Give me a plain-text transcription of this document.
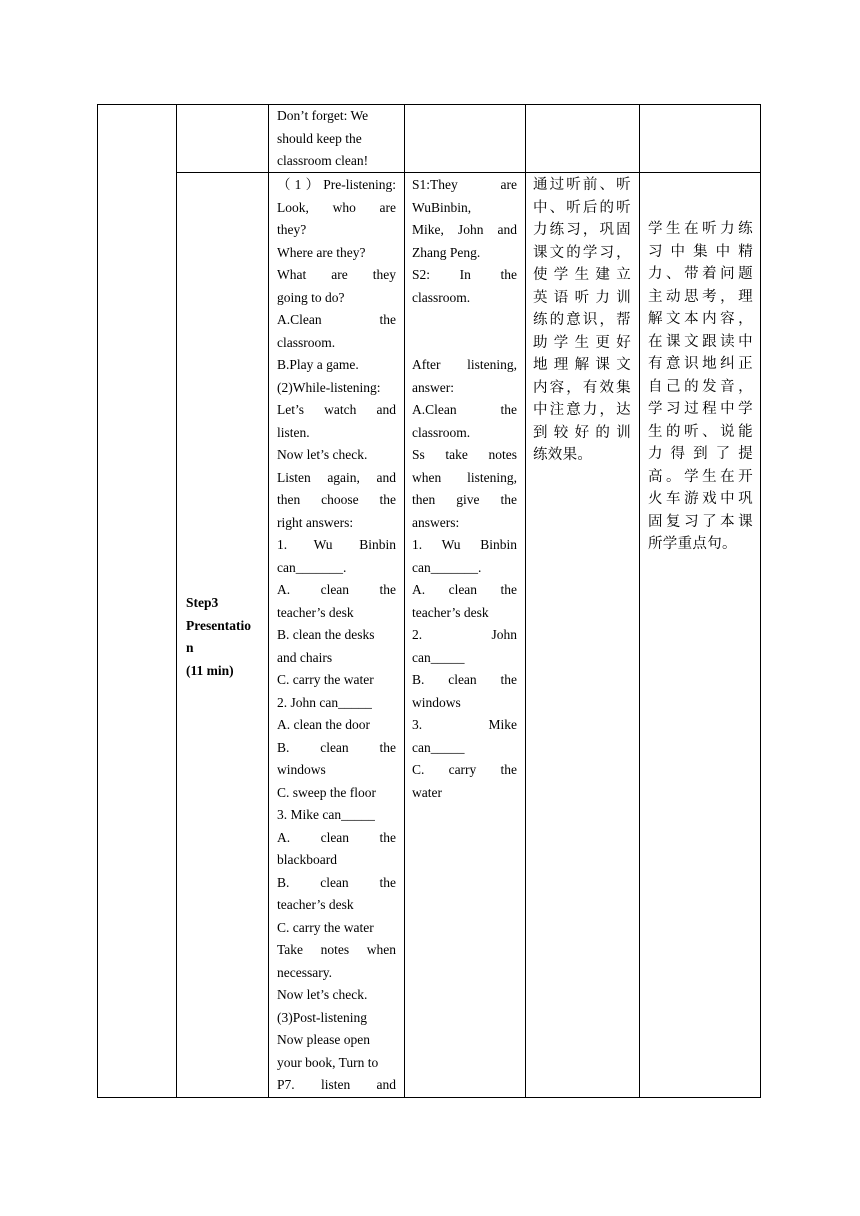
Don’t forget: We
should keep the
classroom clean!
Step3
Presentatio
n
(11 min)
（1）Pre-listening:
Look, who are
they?
Where are they?
What are they
going to do?
A.Clean the
classroom.
B.Play a game.
(2)While-listening:
Let’s watch and
listen.
Now let’s check.
Listen again, and
then choose the
right answers:
1. Wu Binbin
can_______.
A. clean the
teacher’s desk
B. clean the desks
and chairs
C. carry the water
2. John can_____
A. clean the door
B. clean the
windows
C. sweep the floor
3. Mike can_____
A. clean the
blackboard
B. clean the
teacher’s desk
C. carry the water
Take notes when
necessary.
Now let’s check.
(3)Post-listening
Now please open
your book, Turn to
P7. listen and
S1:They are
WuBinbin,
Mike, John and
Zhang Peng.
S2: In the
classroom.

After listening,
answer:
A.Clean the
classroom.
Ss take notes
when listening,
then give the
answers:
1. Wu Binbin
can_______.
A. clean the
teacher’s desk
2. John
can_____
B. clean the
windows
3. Mike
can_____
C. carry the
water
通过听前、听
中、听后的听
力练习，巩固
课文的学习，
使学生建立
英语听力训
练的意识，帮
助学生更好
地理解课文
内容，有效集
中注意力，达
到较好的训
练效果。
学生在听力练
习中集中精
力、带着问题
主动思考，理
解文本内容，
在课文跟读中
有意识地纠正
自己的发音，
学习过程中学
生的听、说能
力得到了提
高。学生在开
火车游戏中巩
固复习了本课
所学重点句。
